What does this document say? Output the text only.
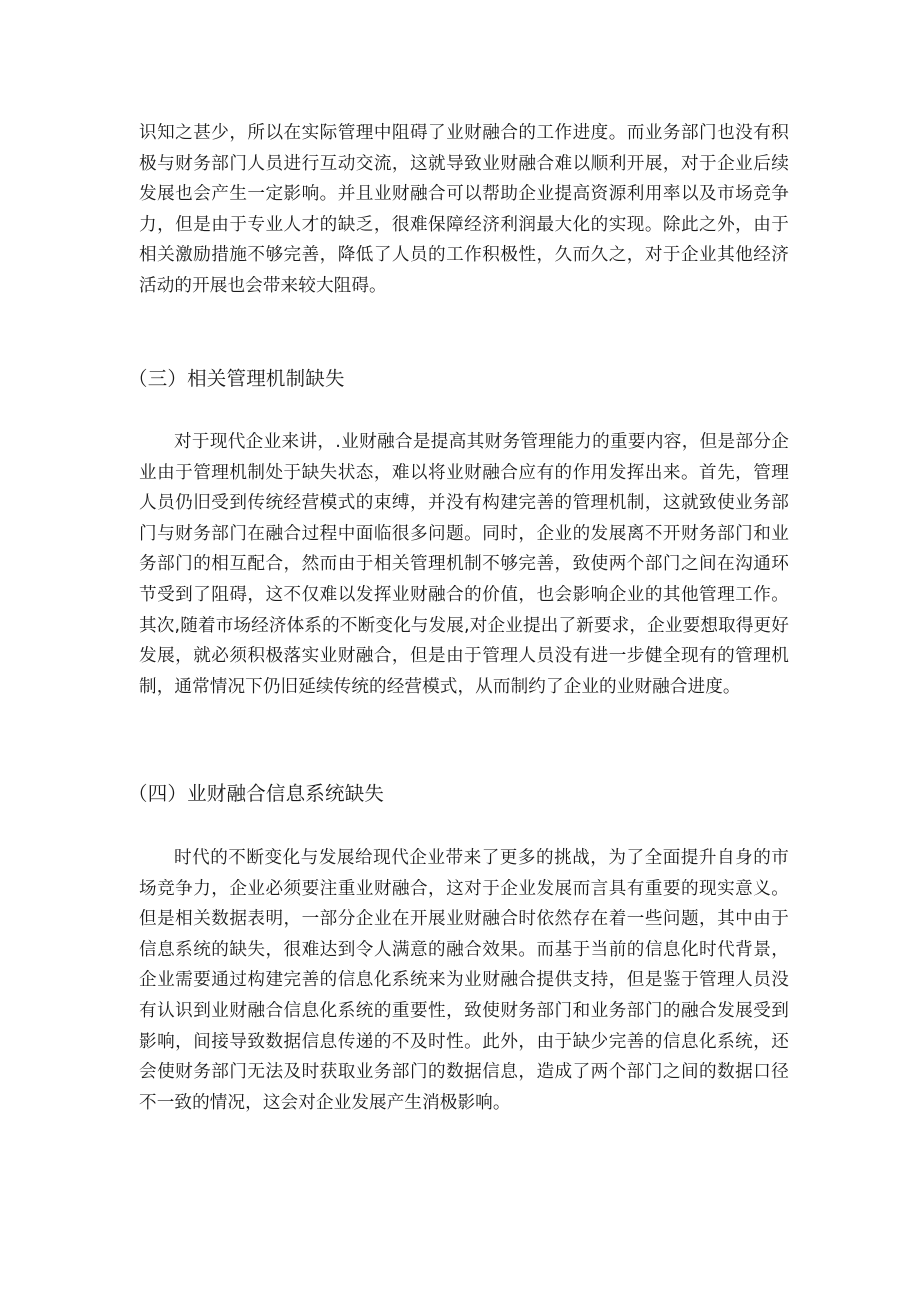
识知之甚少，所以在实际管理中阻碍了业财融合的工作进度。而业务部门也没有积极与财务部门人员进行互动交流，这就导致业财融合难以顺利开展，对于企业后续发展也会产生一定影响。并且业财融合可以帮助企业提高资源利用率以及市场竞争力，但是由于专业人才的缺乏，很难保障经济利润最大化的实现。除此之外，由于相关激励措施不够完善，降低了人员的工作积极性，久而久之，对于企业其他经济活动的开展也会带来较大阻碍。

（三）相关管理机制缺失

对于现代企业来讲，.业财融合是提高其财务管理能力的重要内容，但是部分企业由于管理机制处于缺失状态，难以将业财融合应有的作用发挥出来。首先，管理人员仍旧受到传统经营模式的束缚，并没有构建完善的管理机制，这就致使业务部门与财务部门在融合过程中面临很多问题。同时，企业的发展离不开财务部门和业务部门的相互配合，然而由于相关管理机制不够完善，致使两个部门之间在沟通环节受到了阻碍，这不仅难以发挥业财融合的价值，也会影响企业的其他管理工作。其次,随着市场经济体系的不断变化与发展,对企业提出了新要求，企业要想取得更好发展，就必须积极落实业财融合，但是由于管理人员没有进一步健全现有的管理机制，通常情况下仍旧延续传统的经营模式，从而制约了企业的业财融合进度。

（四）业财融合信息系统缺失

时代的不断变化与发展给现代企业带来了更多的挑战，为了全面提升自身的市场竞争力，企业必须要注重业财融合，这对于企业发展而言具有重要的现实意义。但是相关数据表明，一部分企业在开展业财融合时依然存在着一些问题，其中由于信息系统的缺失，很难达到令人满意的融合效果。而基于当前的信息化时代背景，企业需要通过构建完善的信息化系统来为业财融合提供支持，但是鉴于管理人员没有认识到业财融合信息化系统的重要性，致使财务部门和业务部门的融合发展受到影响，间接导致数据信息传递的不及时性。此外，由于缺少完善的信息化系统，还会使财务部门无法及时获取业务部门的数据信息，造成了两个部门之间的数据口径不一致的情况，这会对企业发展产生消极影响。
